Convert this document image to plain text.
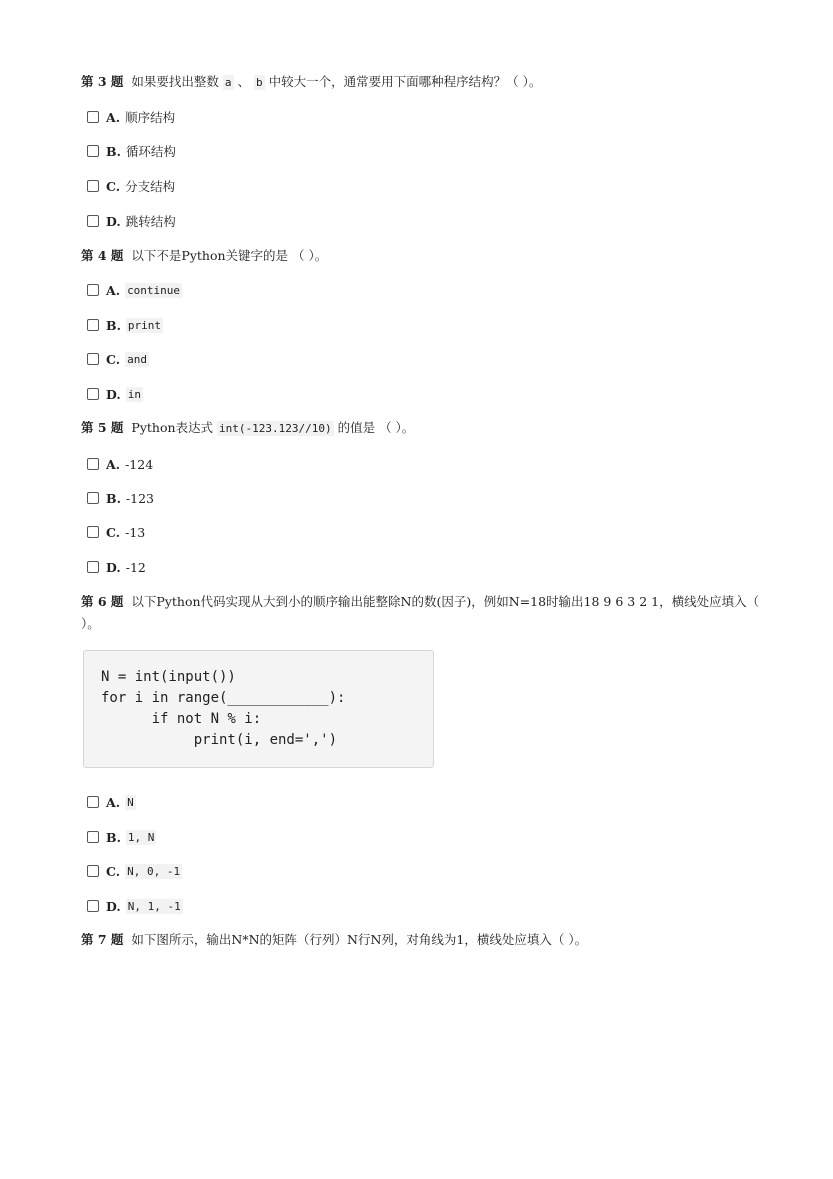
第 3 题 如果要找出整数 a 、 b 中较大一个，通常要用下面哪种程序结构？（ ）。
A. 顺序结构
B. 循环结构
C. 分支结构
D. 跳转结构
第 4 题 以下不是Python关键字的是 （ ）。
A. continue
B. print
C. and
D. in
第 5 题 Python表达式 int(-123.123//10) 的值是 （ ）。
A. -124
B. -123
C. -13
D. -12
第 6 题 以下Python代码实现从大到小的顺序输出能整除N的数(因子)，例如N=18时输出18 9 6 3 2 1，横线处应填入（ ）。
N = int(input())
for i in range(____________):
if not N % i:
print(i, end=',')
A. N
B. 1, N
C. N, 0, -1
D. N, 1, -1
第 7 题 如下图所示，输出N*N的矩阵（行列）N行N列，对角线为1，横线处应填入（ ）。
